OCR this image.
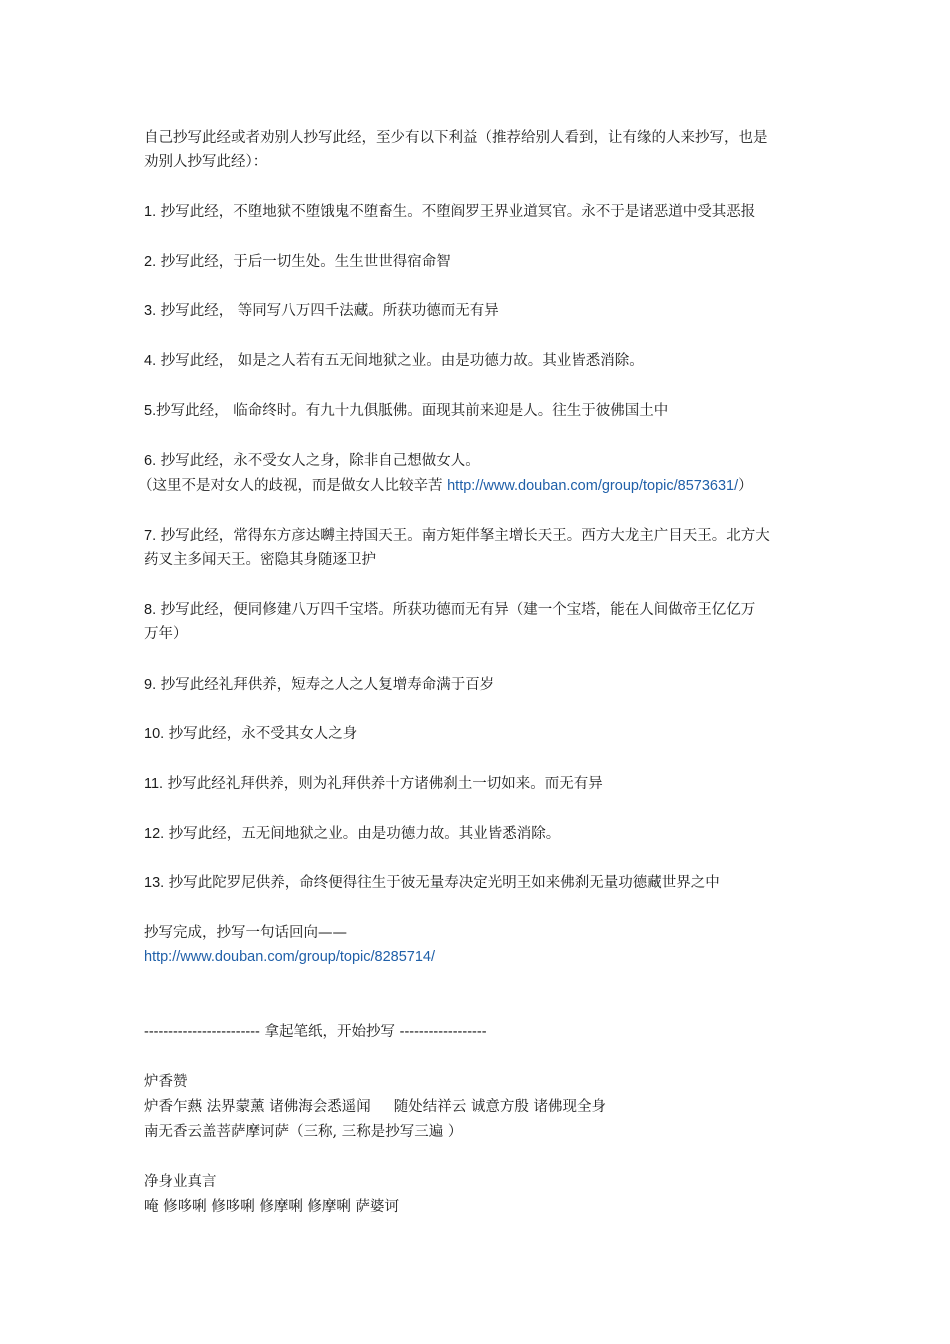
自己抄写此经或者劝别人抄写此经，至少有以下利益（推荐给别人看到，让有缘的人来抄写，也是
劝别人抄写此经）：
1. 抄写此经，不堕地狱不堕饿鬼不堕畜生。不堕阎罗王界业道冥官。永不于是诸恶道中受其恶报
2. 抄写此经，于后一切生处。生生世世得宿命智
3. 抄写此经， 等同写八万四千法藏。所获功德而无有异
4. 抄写此经， 如是之人若有五无间地狱之业。由是功德力故。其业皆悉消除。
5.抄写此经， 临命终时。有九十九俱胝佛。面现其前来迎是人。往生于彼佛国土中
6. 抄写此经，永不受女人之身，除非自己想做女人。
（这里不是对女人的歧视，而是做女人比较辛苦 http://www.douban.com/group/topic/8573631/）
7. 抄写此经，常得东方彦达嚩主持国天王。南方矩伴拏主增长天王。西方大龙主广目天王。北方大
药叉主多闻天王。密隐其身随逐卫护
8. 抄写此经，便同修建八万四千宝塔。所获功德而无有异（建一个宝塔，能在人间做帝王亿亿万
万年）
9. 抄写此经礼拜供养，短寿之人之人复增寿命满于百岁
10. 抄写此经，永不受其女人之身
11. 抄写此经礼拜供养，则为礼拜供养十方诸佛刹土一切如来。而无有异
12. 抄写此经，五无间地狱之业。由是功德力故。其业皆悉消除。
13. 抄写此陀罗尼供养，命终便得往生于彼无量寿决定光明王如来佛刹无量功德藏世界之中
抄写完成，抄写一句话回向——
http://www.douban.com/group/topic/8285714/
------------------------ 拿起笔纸，开始抄写 ------------------
炉香赞
炉香乍爇 法界蒙薰 诸佛海会悉遥闻     随处结祥云 诚意方殷 诸佛现全身
南无香云盖菩萨摩诃萨（三称, 三称是抄写三遍 ）
净身业真言
唵 修哆唎 修哆唎 修摩唎 修摩唎 萨婆诃
